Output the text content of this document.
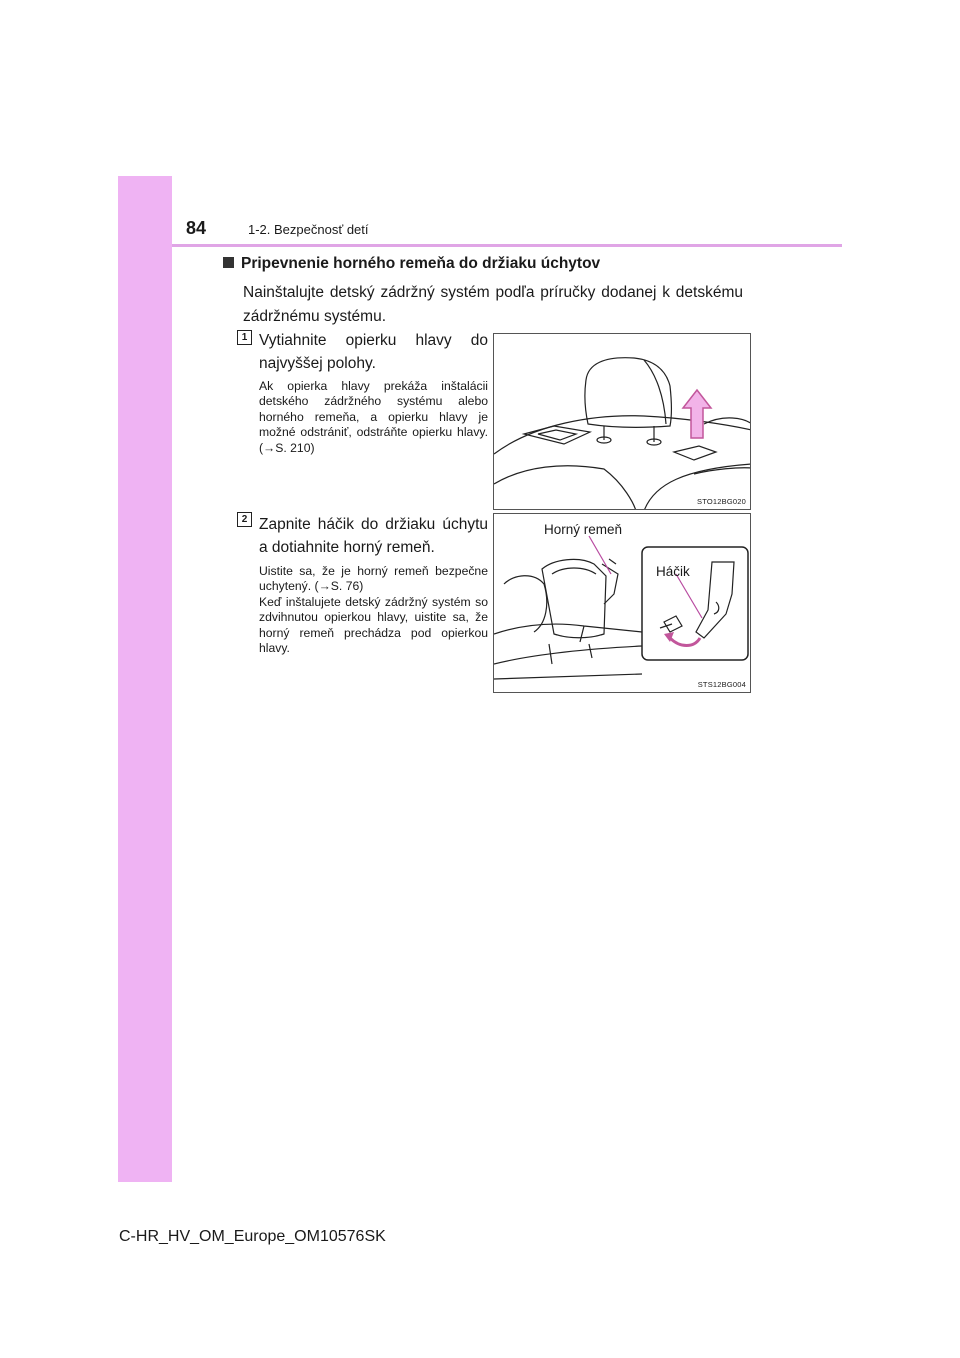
84	1-2. Bezpečnosť detí
Pripevnenie horného remeňa do držiaku úchytov
Nainštalujte detský zádržný systém podľa príručky dodanej k detskému zádržnému systému.
1 Vytiahnite opierku hlavy do najvyššej polohy.
Ak opierka hlavy prekáža inštalácii detského zádržného systému alebo horného remeňa, a opierku hlavy je možné odstrániť, odstráňte opierku hlavy. (→S. 210)
STO12BG020
2 Zapnite háčik do držiaku úchytu a dotiahnite horný remeň.
Uistite sa, že je horný remeň bezpečne uchytený. (→S. 76)
Keď inštalujete detský zádržný systém so zdvihnutou opierkou hlavy, uistite sa, že horný remeň prechádza pod opierkou hlavy.
Horný remeň
Háčik
STS12BG004
C-HR_HV_OM_Europe_OM10576SK
